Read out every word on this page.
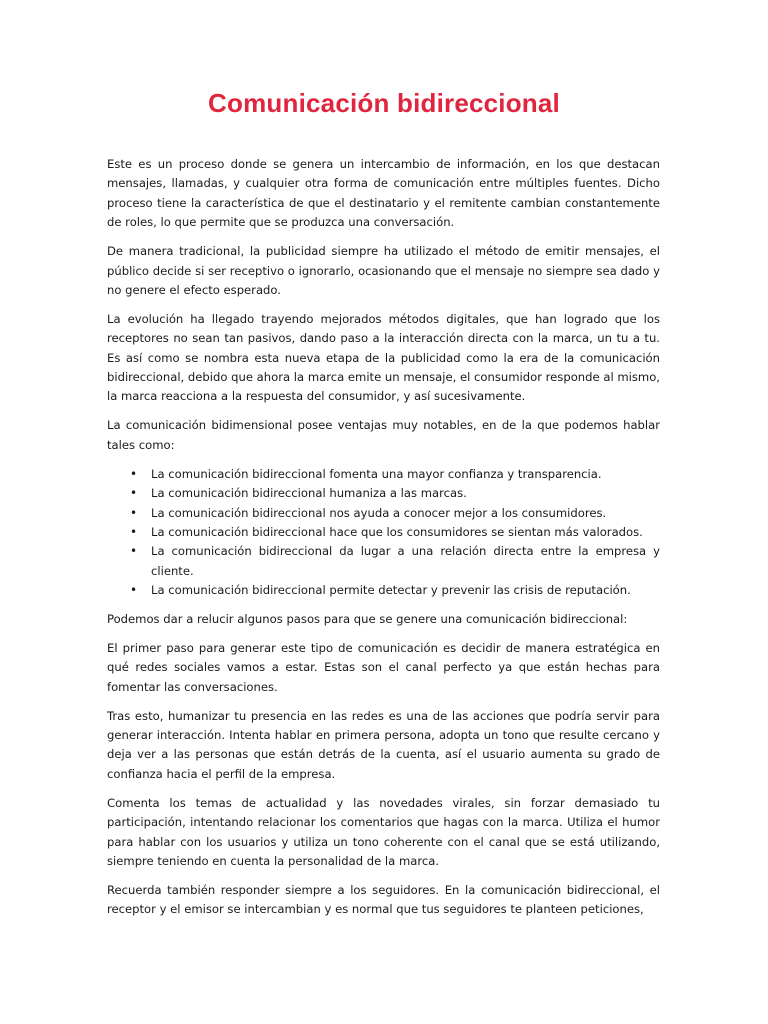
Comunicación bidireccional

Este es un proceso donde se genera un intercambio de información, en los que destacan mensajes, llamadas, y cualquier otra forma de comunicación entre múltiples fuentes. Dicho proceso tiene la característica de que el destinatario y el remitente cambian constantemente de roles, lo que permite que se produzca una conversación.

De manera tradicional, la publicidad siempre ha utilizado el método de emitir mensajes, el público decide si ser receptivo o ignorarlo, ocasionando que el mensaje no siempre sea dado y no genere el efecto esperado.

La evolución ha llegado trayendo mejorados métodos digitales, que han logrado que los receptores no sean tan pasivos, dando paso a la interacción directa con la marca, un tu a tu. Es así como se nombra esta nueva etapa de la publicidad como la era de la comunicación bidireccional, debido que ahora la marca emite un mensaje, el consumidor responde al mismo, la marca reacciona a la respuesta del consumidor, y así sucesivamente.

La comunicación bidimensional posee ventajas muy notables, en de la que podemos hablar tales como:

• La comunicación bidireccional fomenta una mayor confianza y transparencia.
• La comunicación bidireccional humaniza a las marcas.
• La comunicación bidireccional nos ayuda a conocer mejor a los consumidores.
• La comunicación bidireccional hace que los consumidores se sientan más valorados.
• La comunicación bidireccional da lugar a una relación directa entre la empresa y cliente.
• La comunicación bidireccional permite detectar y prevenir las crisis de reputación.

Podemos dar a relucir algunos pasos para que se genere una comunicación bidireccional:

El primer paso para generar este tipo de comunicación es decidir de manera estratégica en qué redes sociales vamos a estar. Estas son el canal perfecto ya que están hechas para fomentar las conversaciones.

Tras esto, humanizar tu presencia en las redes es una de las acciones que podría servir para generar interacción. Intenta hablar en primera persona, adopta un tono que resulte cercano y deja ver a las personas que están detrás de la cuenta, así el usuario aumenta su grado de confianza hacia el perfil de la empresa.

Comenta los temas de actualidad y las novedades virales, sin forzar demasiado tu participación, intentando relacionar los comentarios que hagas con la marca. Utiliza el humor para hablar con los usuarios y utiliza un tono coherente con el canal que se está utilizando, siempre teniendo en cuenta la personalidad de la marca.

Recuerda también responder siempre a los seguidores. En la comunicación bidireccional, el receptor y el emisor se intercambian y es normal que tus seguidores te planteen peticiones,
